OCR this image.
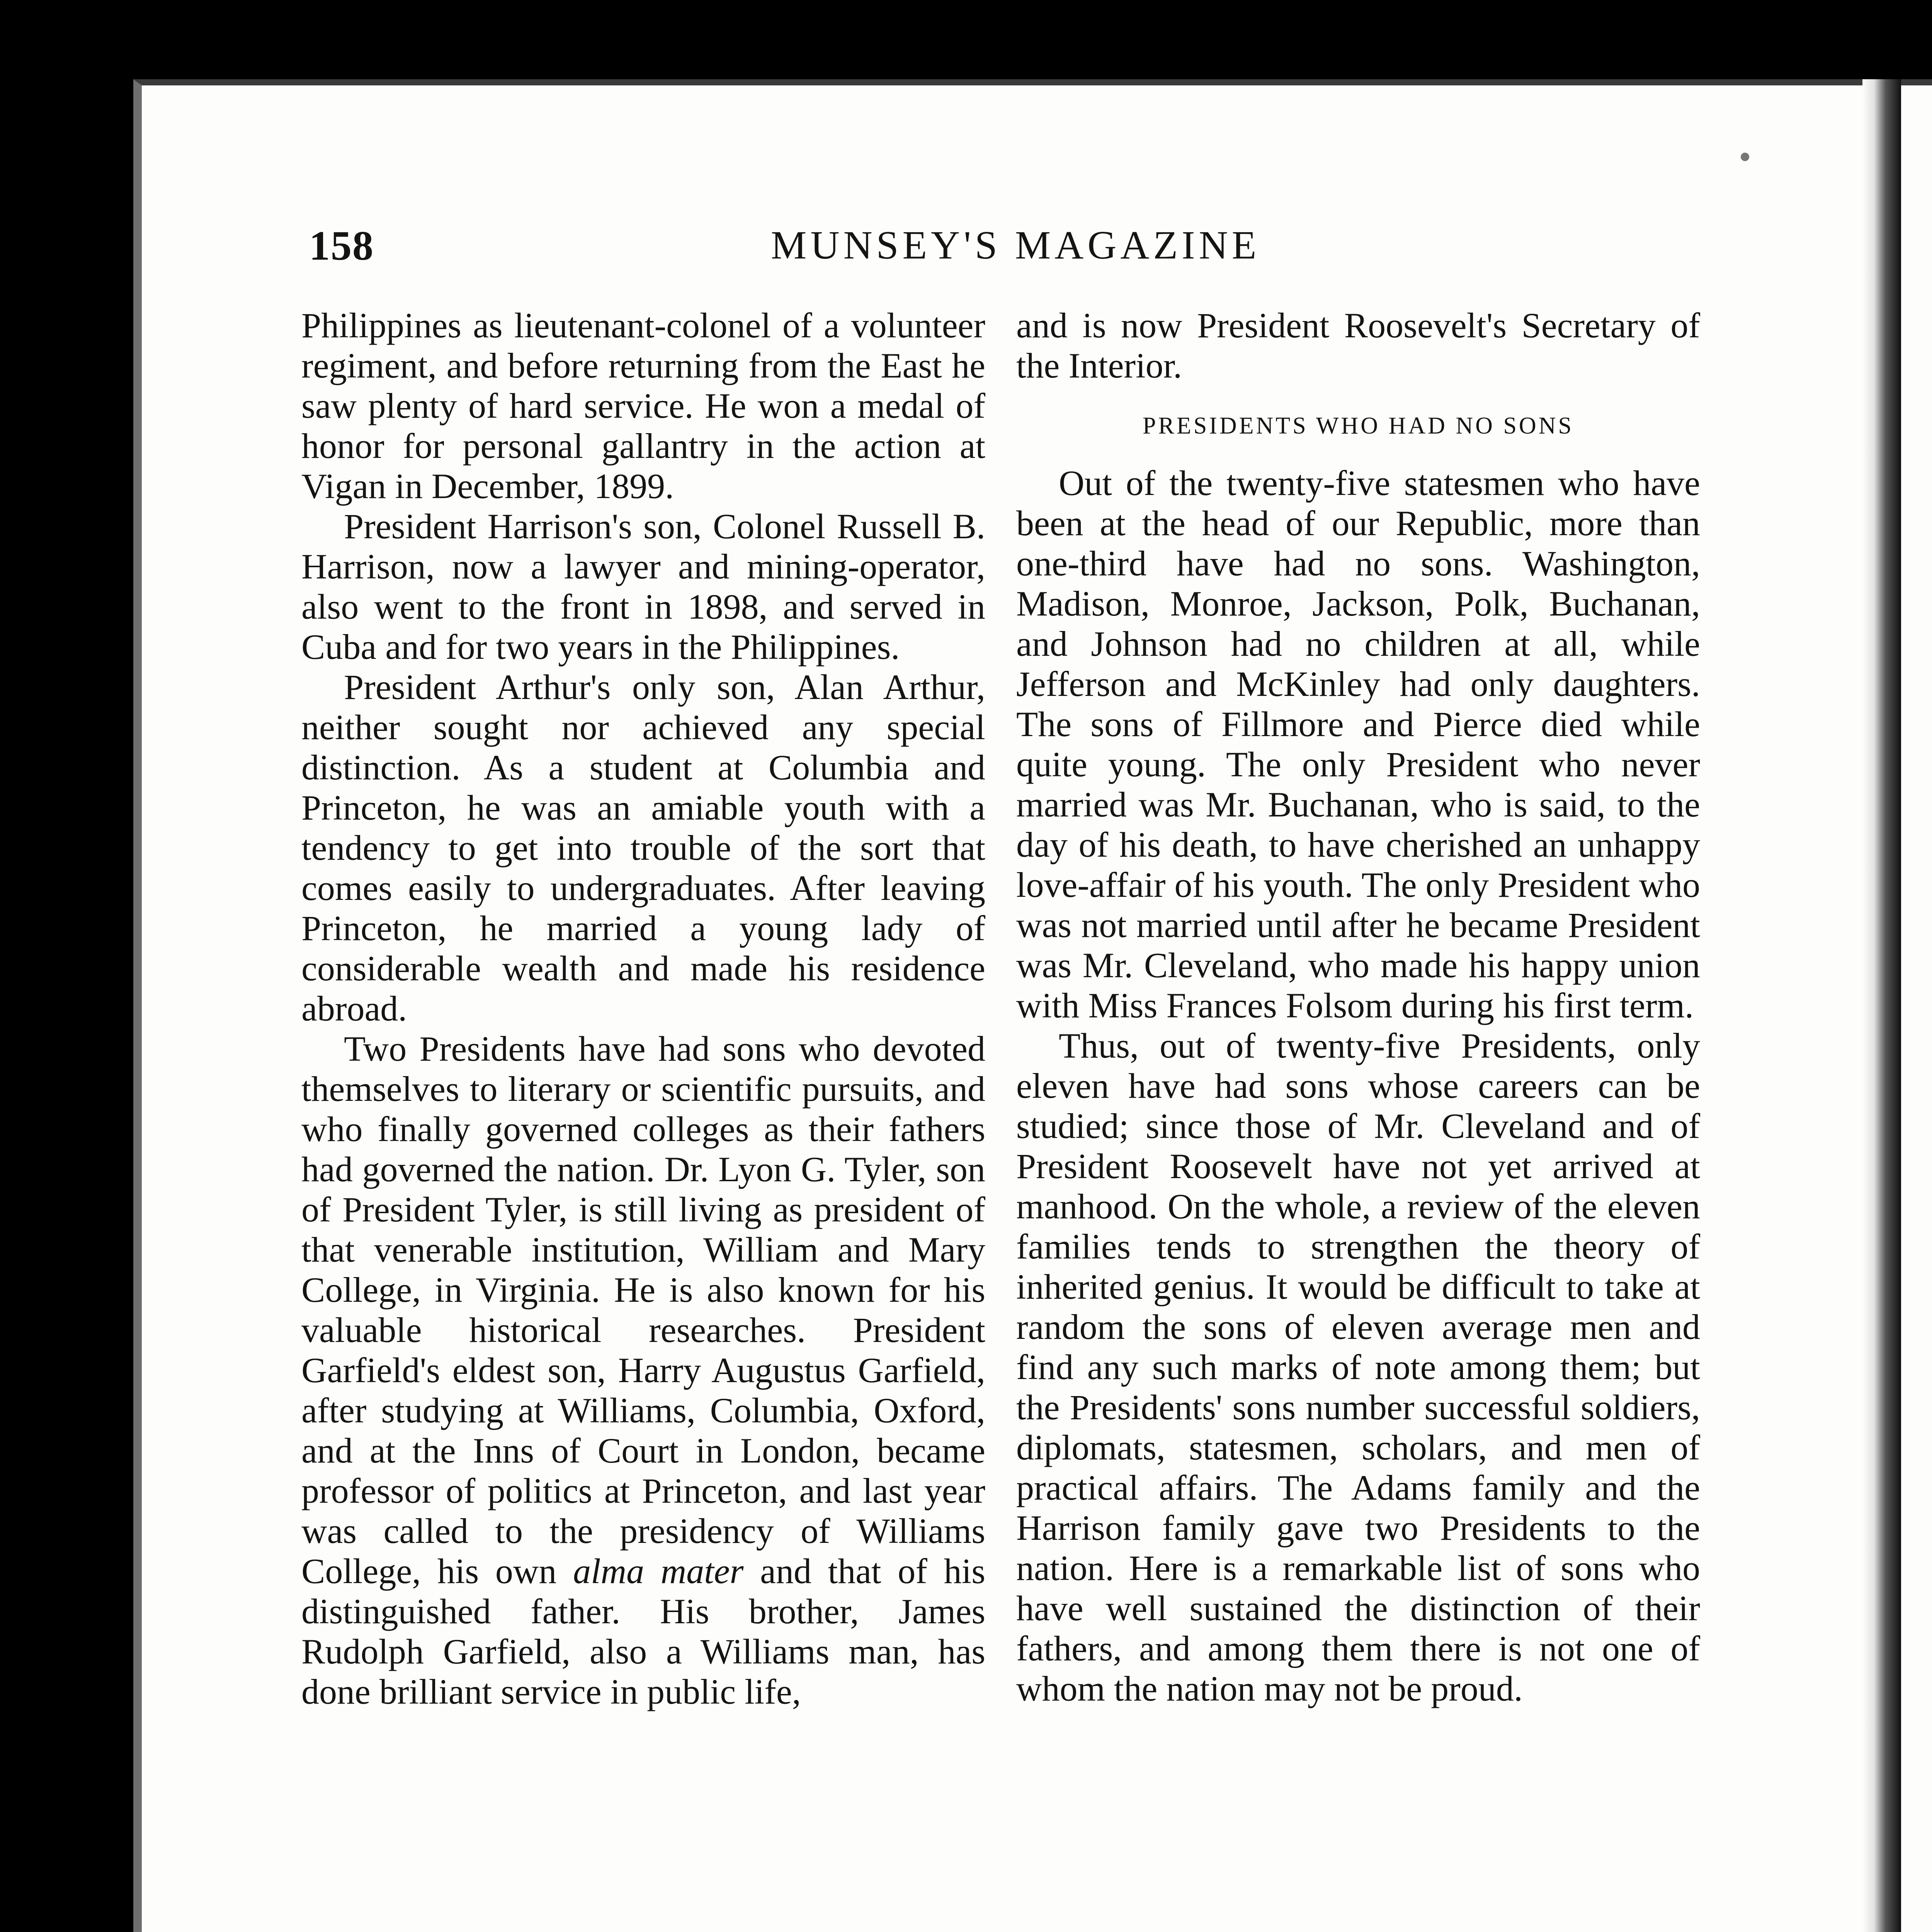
158	MUNSEY'S MAGAZINE

Philippines as lieutenant-colonel of a volunteer regiment, and before returning from the East he saw plenty of hard service. He won a medal of honor for personal gallantry in the action at Vigan in December, 1899.

President Harrison's son, Colonel Russell B. Harrison, now a lawyer and mining-operator, also went to the front in 1898, and served in Cuba and for two years in the Philippines.

President Arthur's only son, Alan Arthur, neither sought nor achieved any special distinction. As a student at Columbia and Princeton, he was an amiable youth with a tendency to get into trouble of the sort that comes easily to undergraduates. After leaving Princeton, he married a young lady of considerable wealth and made his residence abroad.

Two Presidents have had sons who devoted themselves to literary or scientific pursuits, and who finally governed colleges as their fathers had governed the nation. Dr. Lyon G. Tyler, son of President Tyler, is still living as president of that venerable institution, William and Mary College, in Virginia. He is also known for his valuable historical researches. President Garfield's eldest son, Harry Augustus Garfield, after studying at Williams, Columbia, Oxford, and at the Inns of Court in London, became professor of politics at Princeton, and last year was called to the presidency of Williams College, his own alma mater and that of his distinguished father. His brother, James Rudolph Garfield, also a Williams man, has done brilliant service in public life,

and is now President Roosevelt's Secretary of the Interior.

PRESIDENTS WHO HAD NO SONS

Out of the twenty-five statesmen who have been at the head of our Republic, more than one-third have had no sons. Washington, Madison, Monroe, Jackson, Polk, Buchanan, and Johnson had no children at all, while Jefferson and McKinley had only daughters. The sons of Fillmore and Pierce died while quite young. The only President who never married was Mr. Buchanan, who is said, to the day of his death, to have cherished an unhappy love-affair of his youth. The only President who was not married until after he became President was Mr. Cleveland, who made his happy union with Miss Frances Folsom during his first term.

Thus, out of twenty-five Presidents, only eleven have had sons whose careers can be studied; since those of Mr. Cleveland and of President Roosevelt have not yet arrived at manhood. On the whole, a review of the eleven families tends to strengthen the theory of inherited genius. It would be difficult to take at random the sons of eleven average men and find any such marks of note among them; but the Presidents' sons number successful soldiers, diplomats, statesmen, scholars, and men of practical affairs. The Adams family and the Harrison family gave two Presidents to the nation. Here is a remarkable list of sons who have well sustained the distinction of their fathers, and among them there is not one of whom the nation may not be proud.
